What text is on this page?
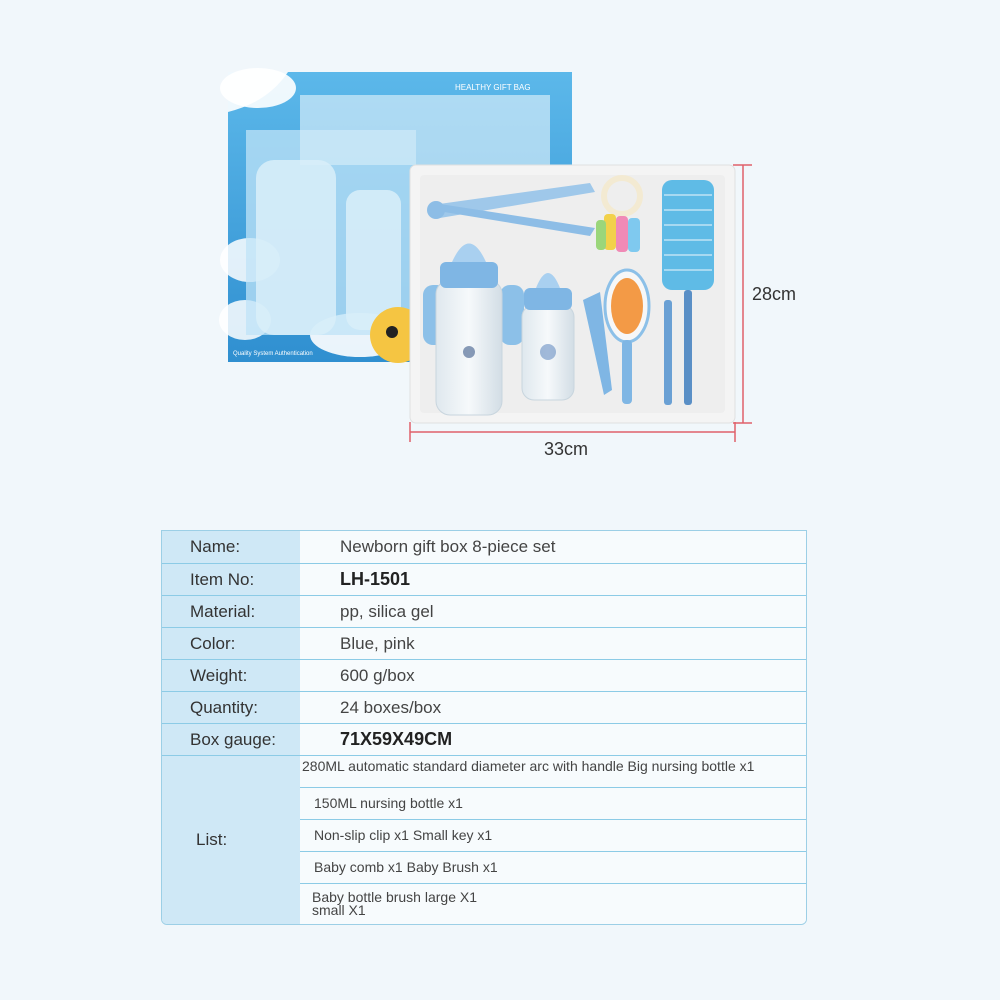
HEALTHY GIFT BAG
Quality System Authentication
28cm
33cm
Name:	Newborn gift box 8-piece set
Item No:	LH-1501
Material:	pp, silica gel
Color:	Blue, pink
Weight:	600 g/box
Quantity:	24 boxes/box
Box gauge:	71X59X49CM
List:
280ML automatic standard diameter arc with handle Big nursing bottle x1
150ML nursing bottle x1
Non-slip clip x1 Small key x1
Baby comb x1 Baby Brush x1
Baby bottle brush large X1
small X1
